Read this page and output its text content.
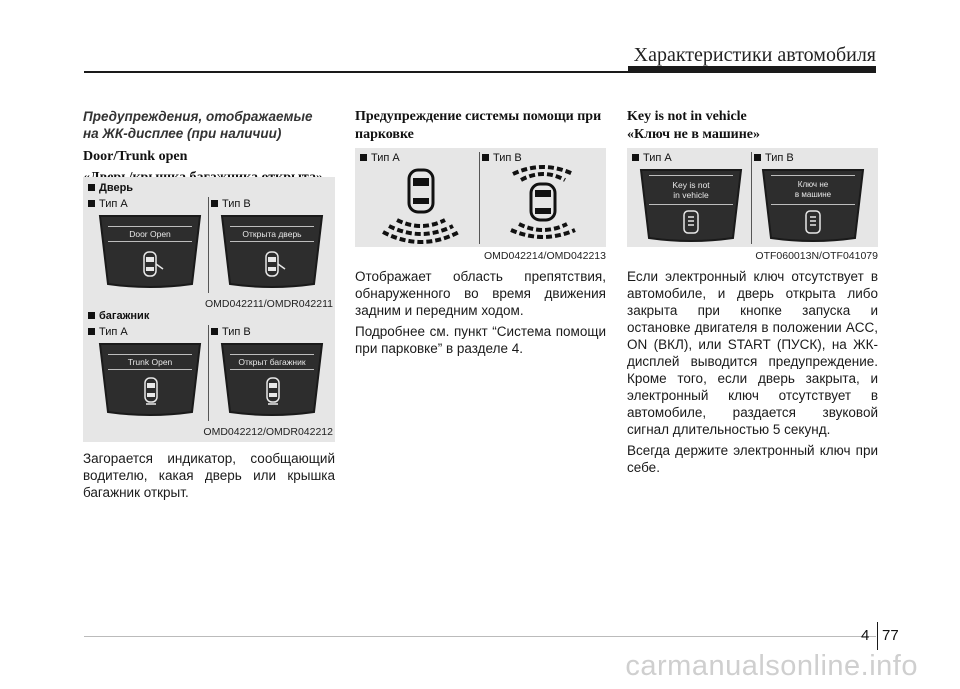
Характеристики автомобиля
Предупреждения, отображаемые
на ЖК-дисплее (при наличии)
Door/Trunk open
Дверь
Тип A	Тип B
Door Open	Открыта дверь
OMD042211/OMDR042211
багажник
Тип A	Тип B
Trunk Open	Открыт багажник
OMD042212/OMDR042212

Загорается индикатор, сообщающий водителю, какая дверь или крышка багажник открыт.

Предупреждение системы помощи при
парковке
Тип A	Тип B
OMD042214/OMD042213

Отображает область препятствия, обнаруженного во время движения задним и передним ходом.

Подробнее см. пункт “Система помощи при парковке” в разделе 4.

Key is not in vehicle
«Ключ не в машине»
Тип A	Тип B
Key is not
in vehicle
Ключ не
в машине
OTF060013N/OTF041079

Если электронный ключ отсутствует в автомобиле, и дверь открыта либо закрыта при кнопке запуска и остановке двигателя в положении ACC, ON (ВКЛ), или START (ПУСК), на ЖК-дисплей выводится предупреждение. Кроме того, если дверь закрыта, и электронный ключ отсутствует в автомобиле, раздается звуковой сигнал длительностью 5 секунд.

Всегда держите электронный ключ при себе.

4 77
carmanualsonline.info
